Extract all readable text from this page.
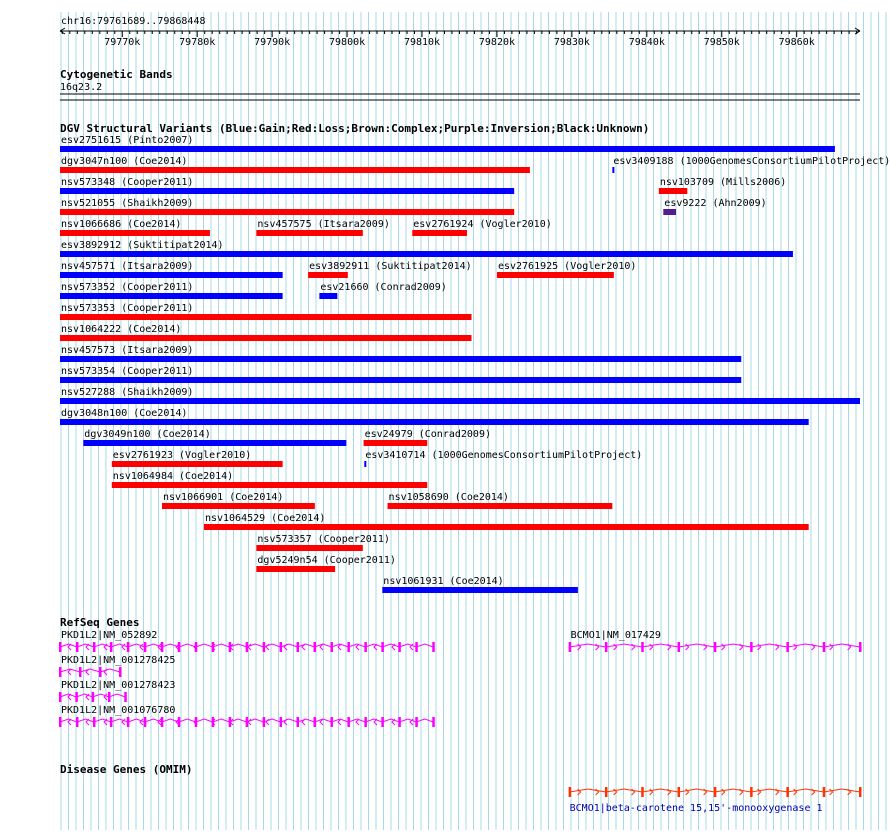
chr16:79761689..79868448
79770k	79780k	79790k	79800k	79810k	79820k	79830k	79840k	79850k	79860k
Cytogenetic Bands
16q23.2
DGV Structural Variants (Blue:Gain;Red:Loss;Brown:Complex;Purple:Inversion;Black:Unknown)
esv2751615 (Pinto2007)
dgv3047n100 (Coe2014)	esv3409188 (1000GenomesConsortiumPilotProject)
nsv573348 (Cooper2011)	nsv103709 (Mills2006)
nsv521055 (Shaikh2009)	esv9222 (Ahn2009)
nsv1066686 (Coe2014)	nsv457575 (Itsara2009) esv2761924 (Vogler2010)
esv3892912 (Suktitipat2014)
nsv457571 (Itsara2009)	esv3892911 (Suktitipat2014)	esv2761925 (Vogler2010)
nsv573352 (Cooper2011)	esv21660 (Conrad2009)
nsv573353 (Cooper2011)
nsv1064222 (Coe2014)
nsv457573 (Itsara2009)
nsv573354 (Cooper2011)
nsv527288 (Shaikh2009)
dgv3048n100 (Coe2014)
dgv3049n100 (Coe2014)	esv24979 (Conrad2009)
esv2761923 (Vogler2010)	esv3410714 (1000GenomesConsortiumPilotProject)
nsv1064984 (Coe2014)
nsv1066901 (Coe2014)	nsv1058690 (Coe2014)
nsv1064529 (Coe2014)
nsv573357 (Cooper2011)
dgv5249n54 (Cooper2011)
nsv1061931 (Coe2014)
RefSeq Genes
PKD1L2|NM_052892	BCMO1|NM_017429
PKD1L2|NM_001278425
PKD1L2|NM_001278423
PKD1L2|NM_001076780
Disease Genes (OMIM)
BCMO1|beta-carotene 15,15'-monooxygenase 1
